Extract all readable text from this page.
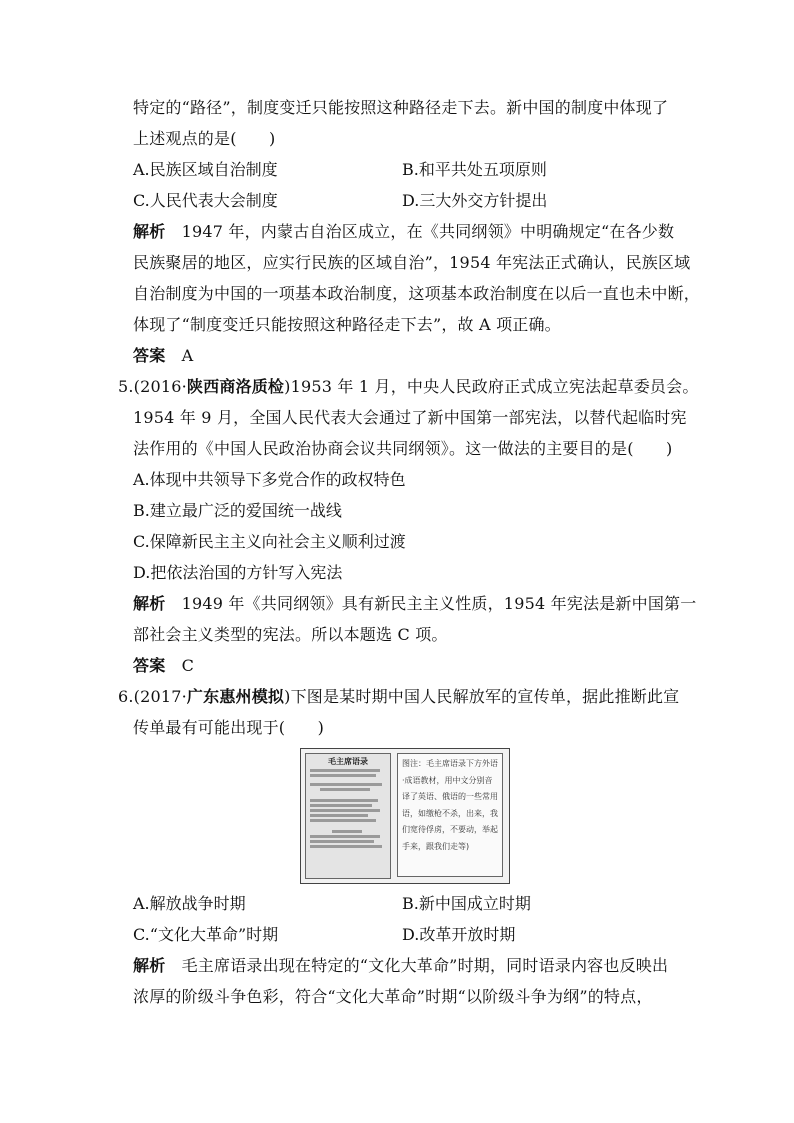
特定的“路径”，制度变迁只能按照这种路径走下去。新中国的制度中体现了
上述观点的是(　　)
A.民族区域自治制度	B.和平共处五项原则
C.人民代表大会制度	D.三大外交方针提出
解析　1947 年，内蒙古自治区成立，在《共同纲领》中明确规定“在各少数
民族聚居的地区，应实行民族的区域自治”，1954 年宪法正式确认，民族区域
自治制度为中国的一项基本政治制度，这项基本政治制度在以后一直也未中断，
体现了“制度变迁只能按照这种路径走下去”，故 A 项正确。
答案　A
5.(2016·陕西商洛质检)1953 年 1 月，中央人民政府正式成立宪法起草委员会。
1954 年 9 月，全国人民代表大会通过了新中国第一部宪法，以替代起临时宪
法作用的《中国人民政治协商会议共同纲领》。这一做法的主要目的是(　　)
A.体现中共领导下多党合作的政权特色
B.建立最广泛的爱国统一战线
C.保障新民主主义向社会主义顺利过渡
D.把依法治国的方针写入宪法
解析　1949 年《共同纲领》具有新民主主义性质，1954 年宪法是新中国第一
部社会主义类型的宪法。所以本题选 C 项。
答案　C
6.(2017·广东惠州模拟)下图是某时期中国人民解放军的宣传单，据此推断此宣
传单最有可能出现于(　　)
毛主席语录	图注：毛主席语录下方外语·成语教材，用中文分别音译了英语、俄语的一些常用语，如缴枪不杀，出来，我们宽待俘虏，不要动，举起手来，跟我们走等)
A.解放战争时期	B.新中国成立时期
C.“文化大革命”时期	D.改革开放时期
解析　毛主席语录出现在特定的“文化大革命”时期，同时语录内容也反映出
浓厚的阶级斗争色彩，符合“文化大革命”时期“以阶级斗争为纲”的特点，
